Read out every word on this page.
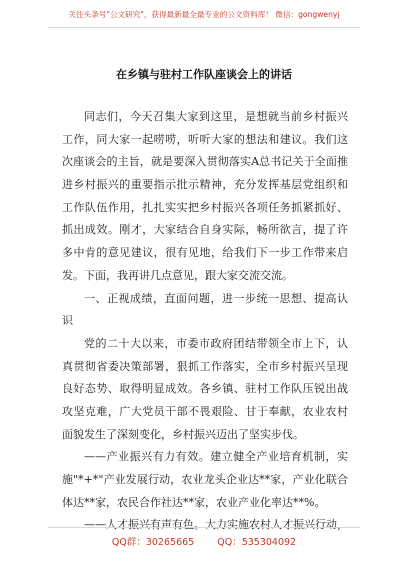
关注头条号"公文研究"，获得最新最全最专业的公文资料库！ 微信：gongwenyj
在乡镇与驻村工作队座谈会上的讲话
同志们，今天召集大家到这里，是想就当前乡村振兴
工作，同大家一起唠唠，听听大家的想法和建议。我们这
次座谈会的主旨，就是要深入贯彻落实A总书记关于全面推
进乡村振兴的重要指示批示精神，充分发挥基层党组织和
工作队伍作用，扎扎实实把乡村振兴各项任务抓紧抓好、
抓出成效。刚才，大家结合自身实际，畅所欲言，提了许
多中肯的意见建议，很有见地，给我们下一步工作带来启
发。下面，我再讲几点意见，跟大家交流交流。
一、正视成绩，直面问题，进一步统一思想、提高认
识
党的二十大以来，市委市政府团结带领全市上下，认
真贯彻省委决策部署，狠抓工作落实，全市乡村振兴呈现
良好态势、取得明显成效。各乡镇、驻村工作队压锐出战
攻坚克难，广大党员干部不畏艰险、甘于奉献，农业农村
面貌发生了深刻变化，乡村振兴迈出了坚实步伐。
——产业振兴有力有效。建立健全产业培育机制，实
施"*+*"产业发展行动，农业龙头企业达**家，产业化联合
体达**家，农民合作社达**家，农业产业化率达**%。
——人才振兴有声有色。大力实施农村人才振兴行动，
QQ群：30265665 QQ：535304092
